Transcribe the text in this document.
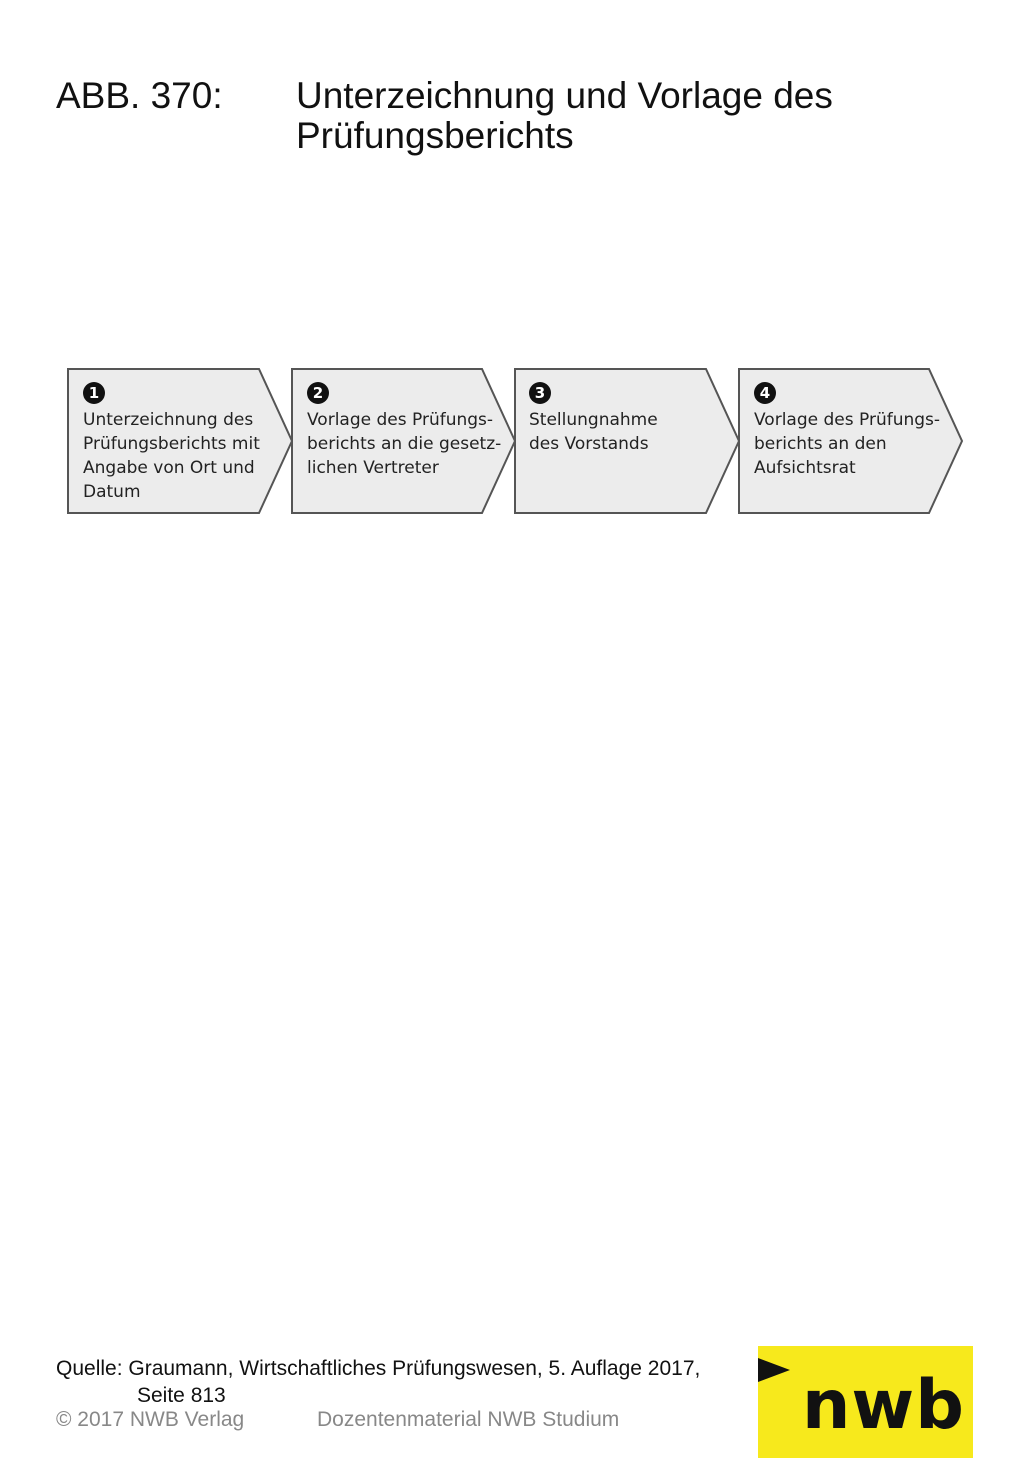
ABB. 370: Unterzeichnung und Vorlage des
Prüfungsberichts
1
Unterzeichnung des
Prüfungsberichts mit
Angabe von Ort und
Datum
2
Vorlage des Prüfungs-
berichts an die gesetz-
lichen Vertreter
3
Stellungnahme
des Vorstands
4
Vorlage des Prüfungs-
berichts an den
Aufsichtsrat
Quelle: Graumann, Wirtschaftliches Prüfungswesen, 5. Auflage 2017,
Seite 813
© 2017 NWB Verlag	Dozentenmaterial NWB Studium	nwb
